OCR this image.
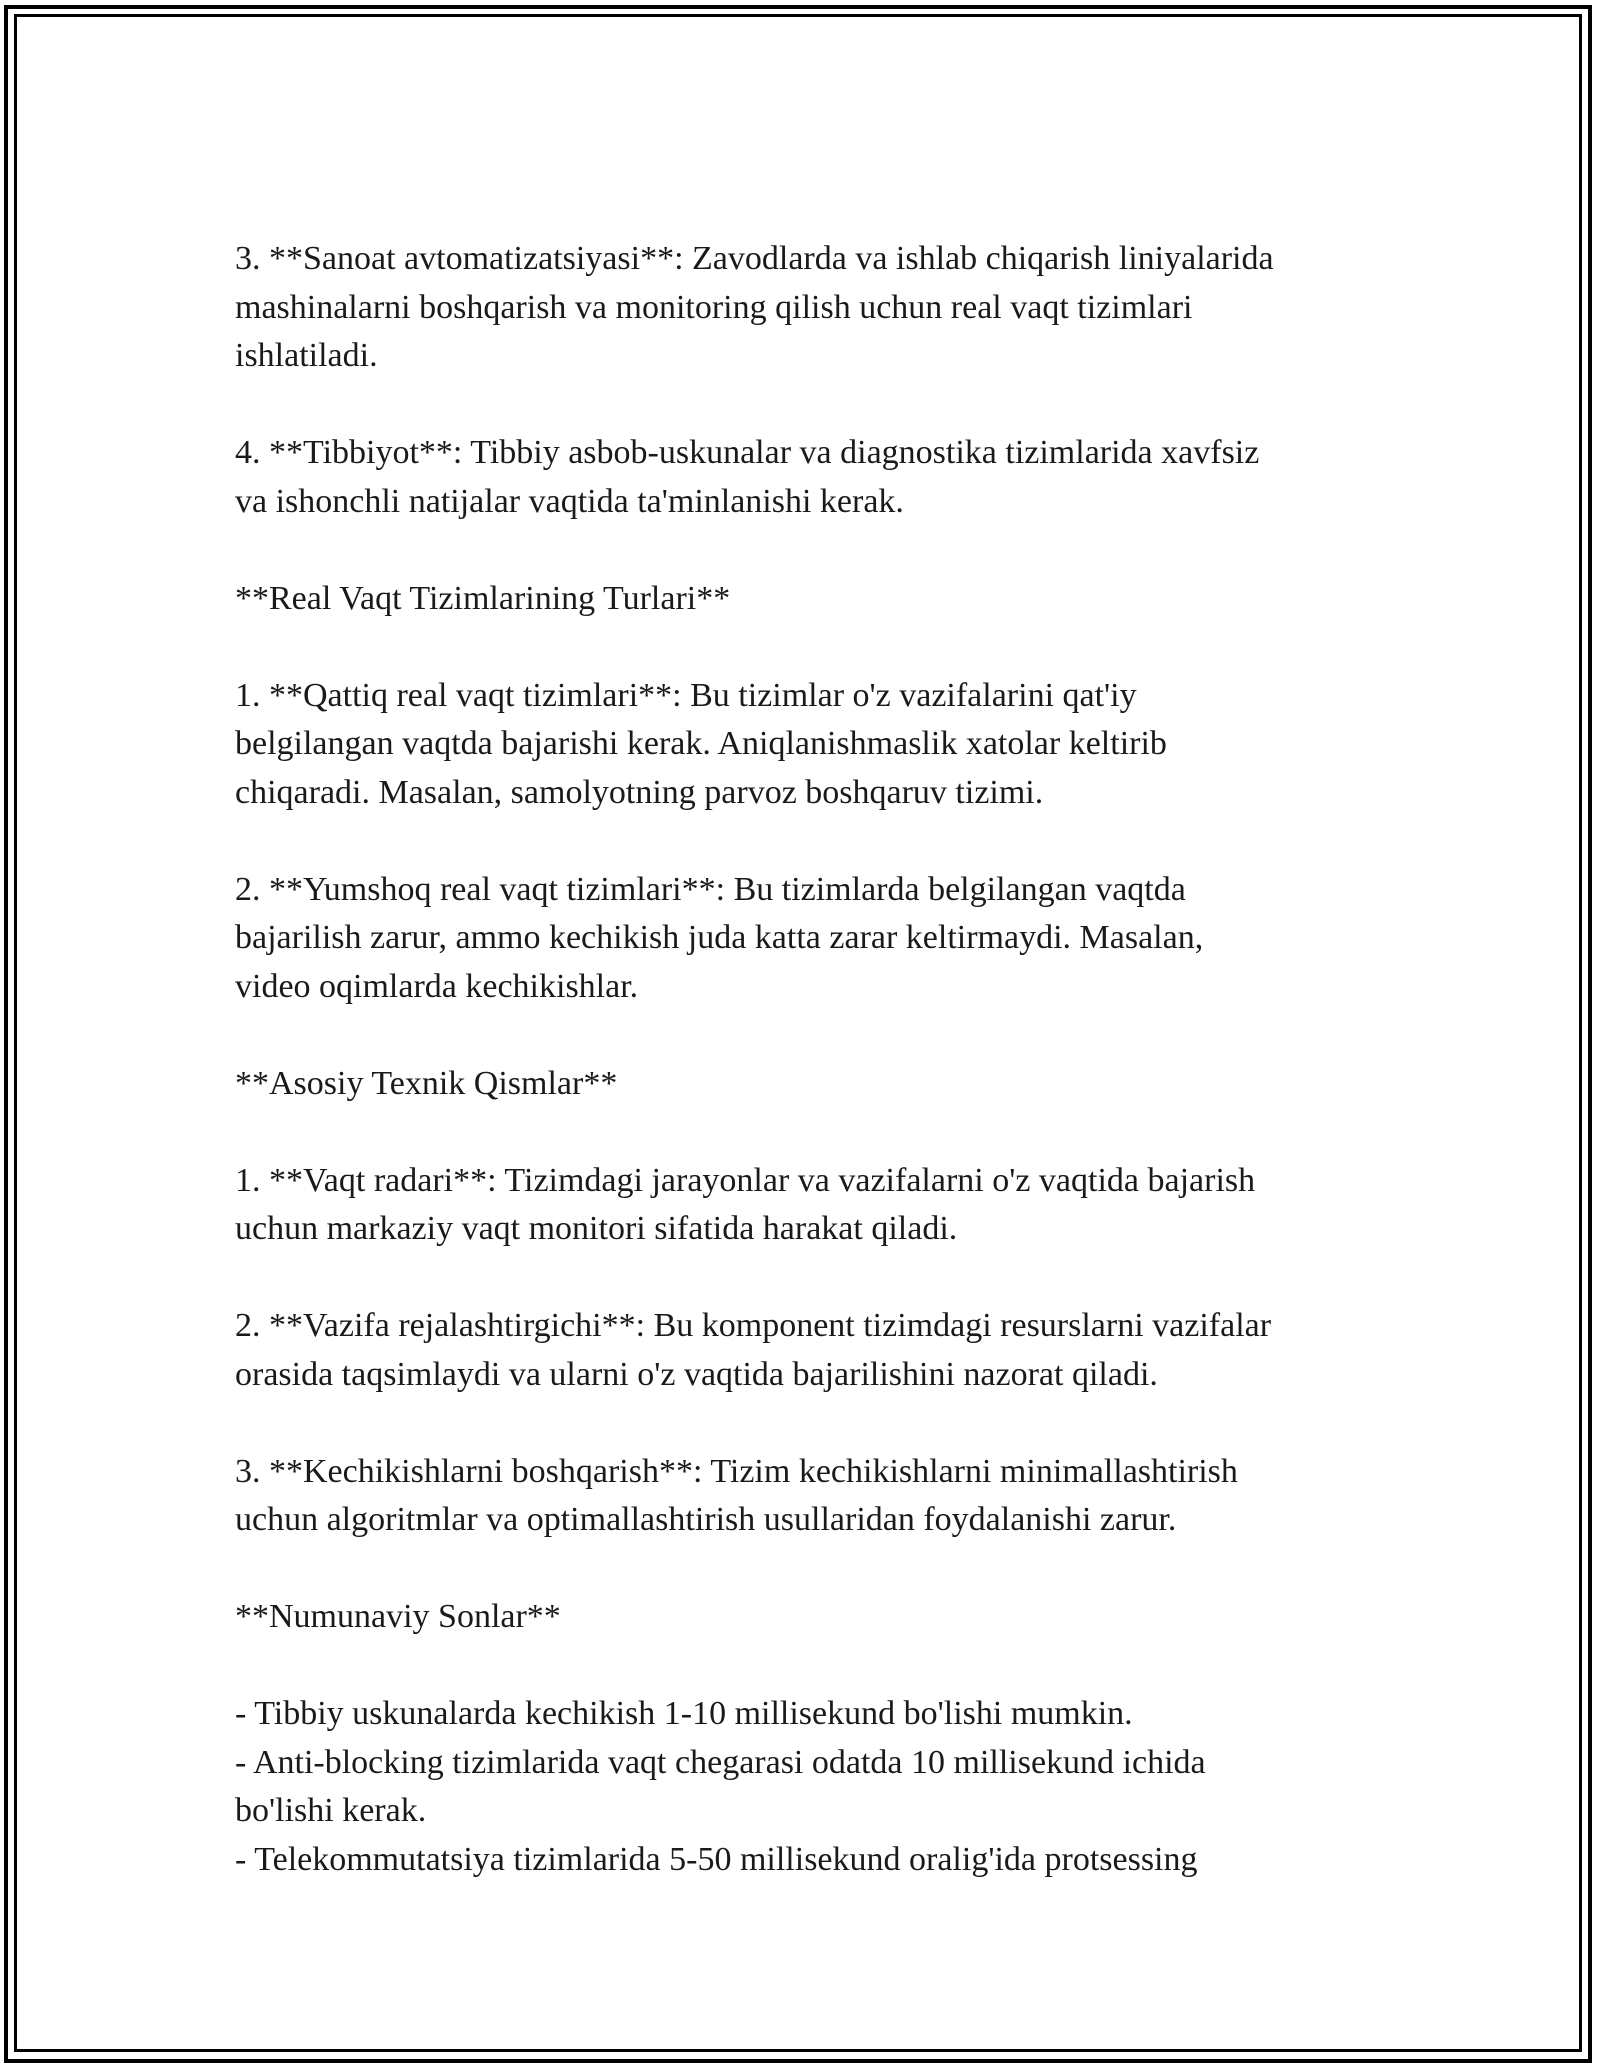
3. **Sanoat avtomatizatsiyasi**: Zavodlarda va ishlab chiqarish liniyalarida
mashinalarni boshqarish va monitoring qilish uchun real vaqt tizimlari
ishlatiladi.
4. **Tibbiyot**: Tibbiy asbob-uskunalar va diagnostika tizimlarida xavfsiz
va ishonchli natijalar vaqtida ta'minlanishi kerak.
**Real Vaqt Tizimlarining Turlari**
1. **Qattiq real vaqt tizimlari**: Bu tizimlar o'z vazifalarini qat'iy
belgilangan vaqtda bajarishi kerak. Aniqlanishmaslik xatolar keltirib
chiqaradi. Masalan, samolyotning parvoz boshqaruv tizimi.
2. **Yumshoq real vaqt tizimlari**: Bu tizimlarda belgilangan vaqtda
bajarilish zarur, ammo kechikish juda katta zarar keltirmaydi. Masalan,
video oqimlarda kechikishlar.
**Asosiy Texnik Qismlar**
1. **Vaqt radari**: Tizimdagi jarayonlar va vazifalarni o'z vaqtida bajarish
uchun markaziy vaqt monitori sifatida harakat qiladi.
2. **Vazifa rejalashtirgichi**: Bu komponent tizimdagi resurslarni vazifalar
orasida taqsimlaydi va ularni o'z vaqtida bajarilishini nazorat qiladi.
3. **Kechikishlarni boshqarish**: Tizim kechikishlarni minimallashtirish
uchun algoritmlar va optimallashtirish usullaridan foydalanishi zarur.
**Numunaviy Sonlar**
- Tibbiy uskunalarda kechikish 1-10 millisekund bo'lishi mumkin.
- Anti-blocking tizimlarida vaqt chegarasi odatda 10 millisekund ichida
bo'lishi kerak.
- Telekommutatsiya tizimlarida 5-50 millisekund oralig'ida protsessing
